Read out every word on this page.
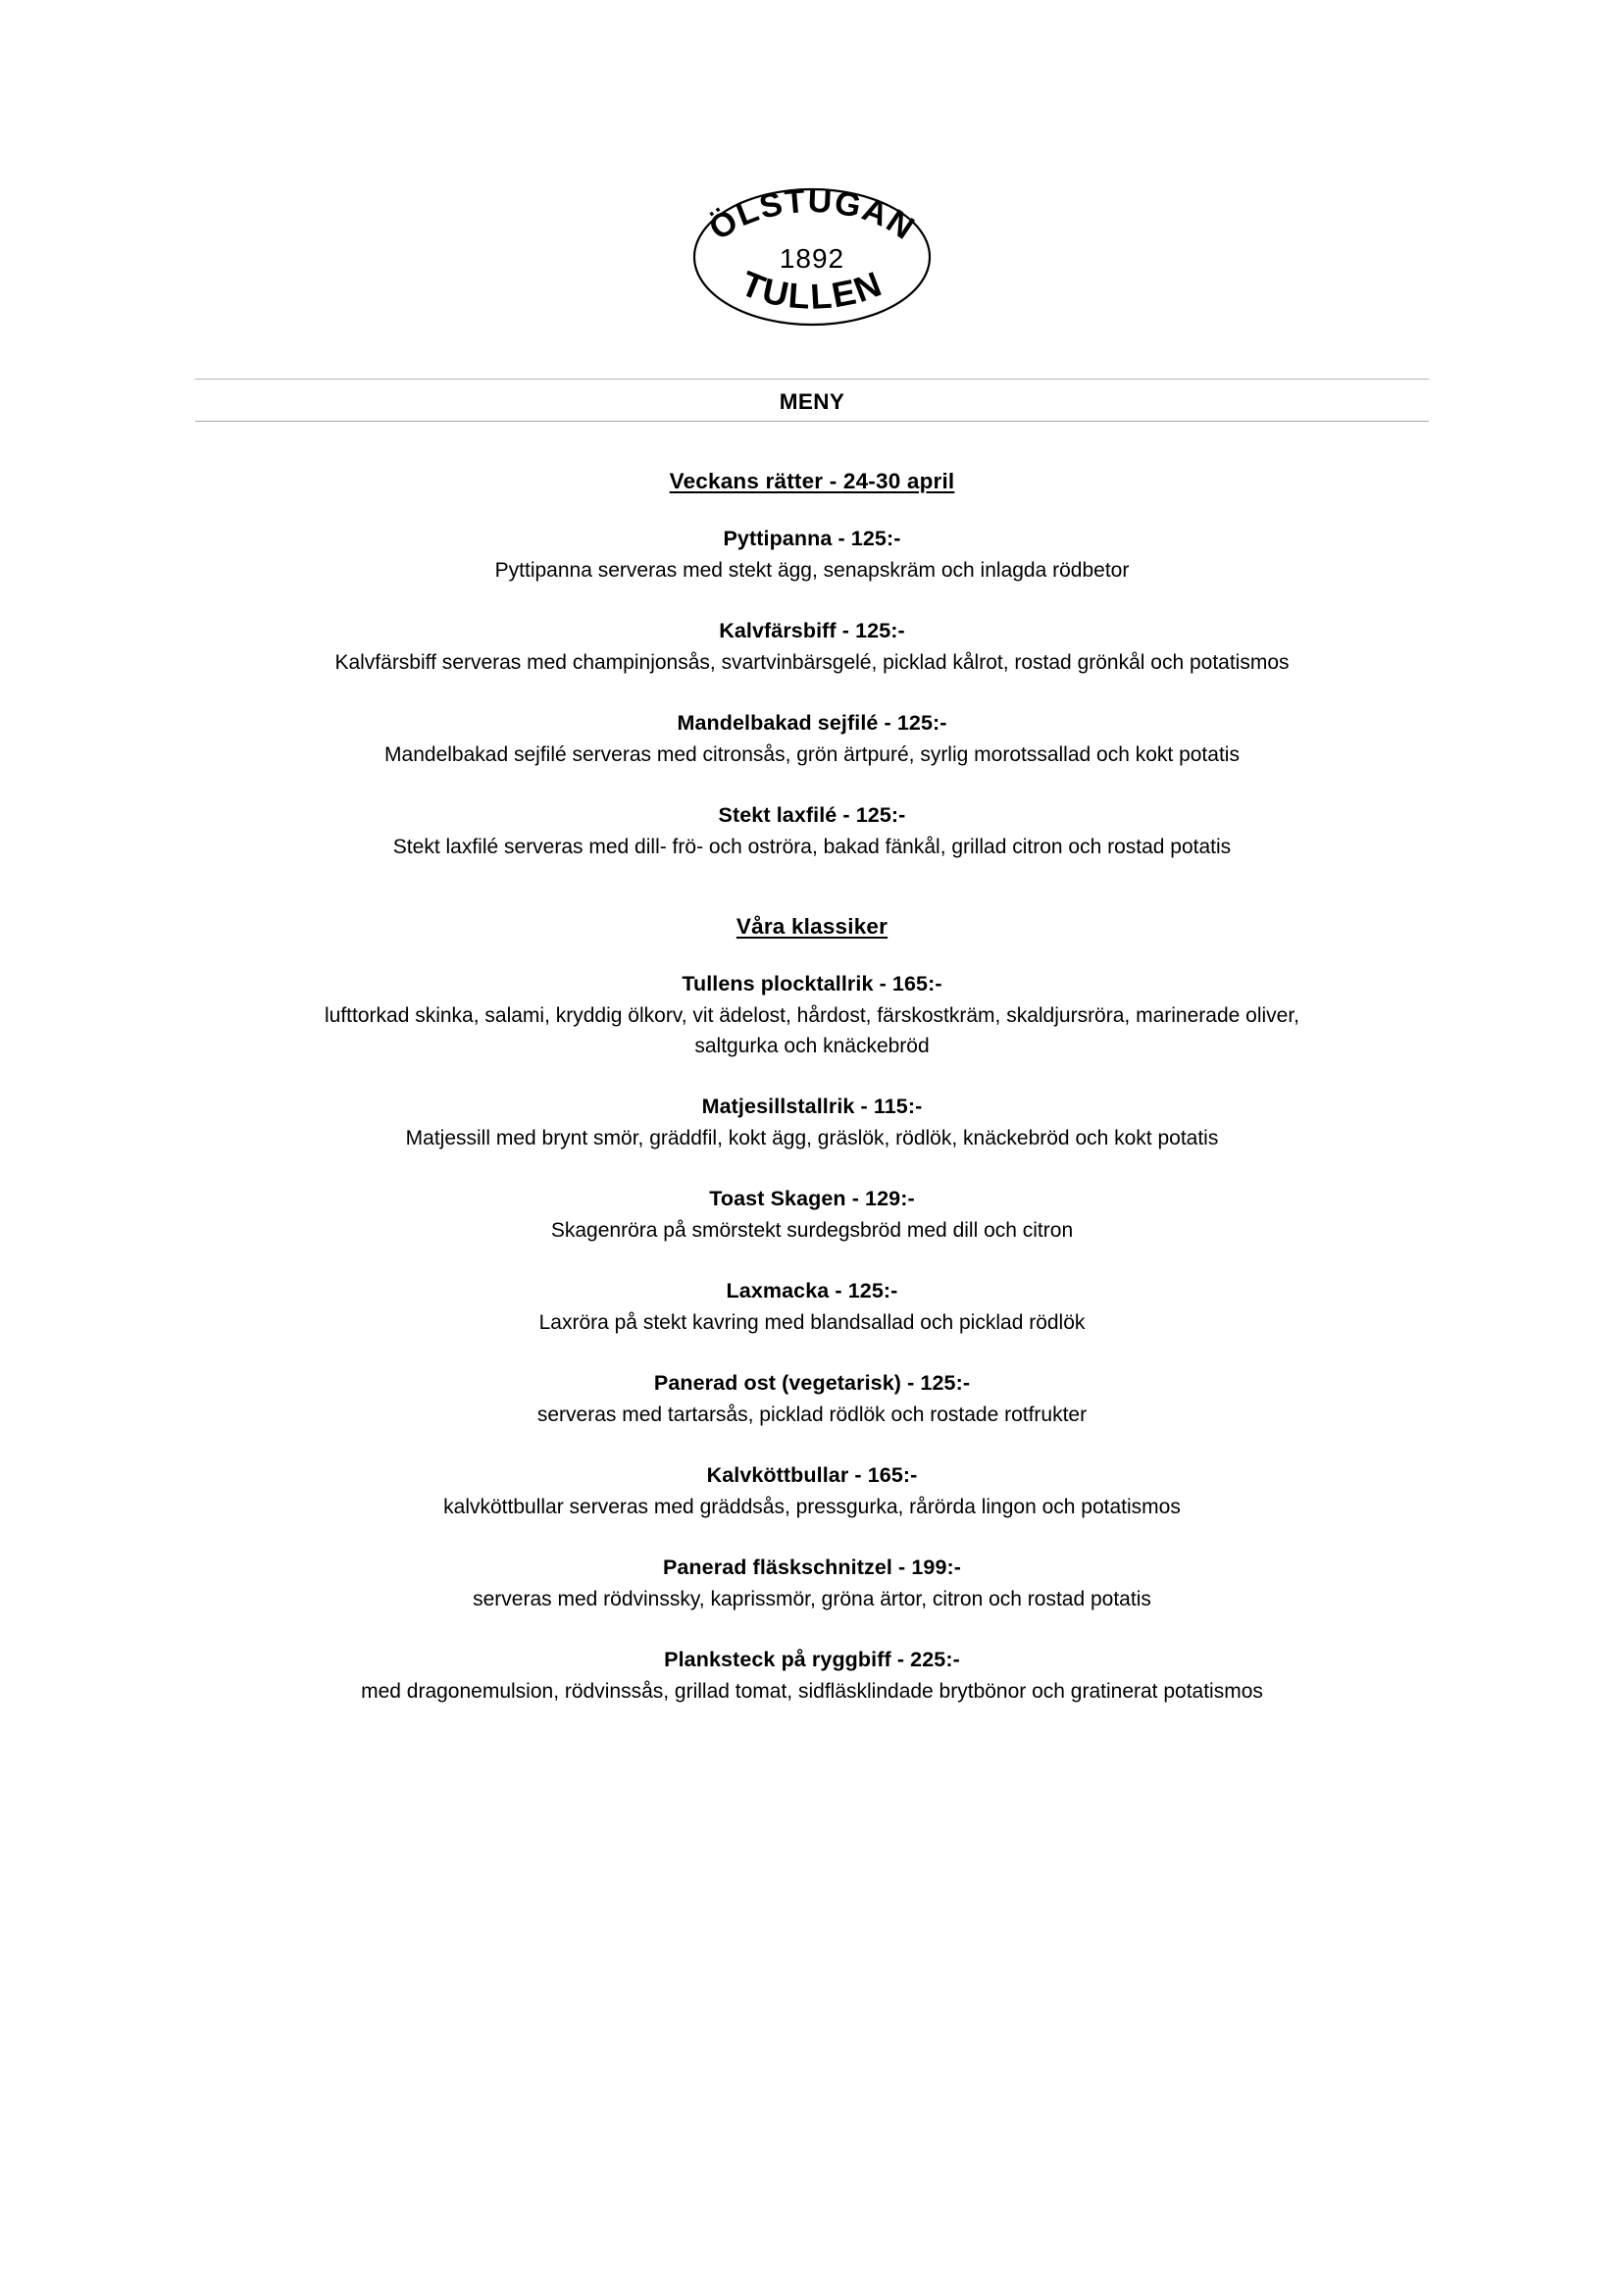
ÖLSTUGAN
1892
TULLEN
MENY
Veckans rätter - 24-30 april
Pyttipanna - 125:-
Pyttipanna serveras med stekt ägg, senapskräm och inlagda rödbetor
Kalvfärsbiff - 125:-
Kalvfärsbiff serveras med champinjonsås, svartvinbärsgelé, picklad kålrot, rostad grönkål och potatismos
Mandelbakad sejfilé - 125:-
Mandelbakad sejfilé serveras med citronsås, grön ärtpuré, syrlig morotssallad och kokt potatis
Stekt laxfilé - 125:-
Stekt laxfilé serveras med dill- frö- och oströra, bakad fänkål, grillad citron och rostad potatis
Våra klassiker
Tullens plocktallrik - 165:-
lufttorkad skinka, salami, kryddig ölkorv, vit ädelost, hårdost, färskostkräm, skaldjursröra, marinerade oliver, saltgurka och knäckebröd
Matjesillstallrik - 115:-
Matjessill med brynt smör, gräddfil, kokt ägg, gräslök, rödlök, knäckebröd och kokt potatis
Toast Skagen - 129:-
Skagenröra på smörstekt surdegsbröd med dill och citron
Laxmacka - 125:-
Laxröra på stekt kavring med blandsallad och picklad rödlök
Panerad ost (vegetarisk) - 125:-
serveras med tartarsås, picklad rödlök och rostade rotfrukter
Kalvköttbullar - 165:-
kalvköttbullar serveras med gräddsås, pressgurka, rårörda lingon och potatismos
Panerad fläskschnitzel - 199:-
serveras med rödvinssky, kaprissmör, gröna ärtor, citron och rostad potatis
Planksteck på ryggbiff - 225:-
med dragonemulsion, rödvinssås, grillad tomat, sidfläsklindade brytbönor och gratinerat potatismos
